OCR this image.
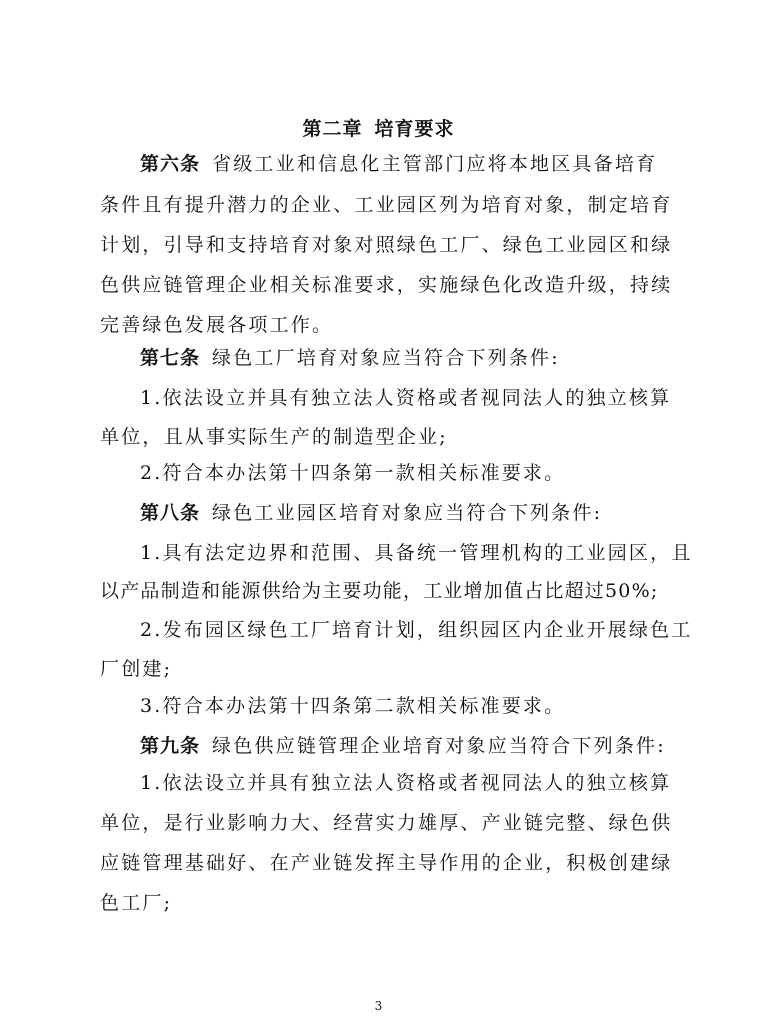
第二章 培育要求
第六条 省级工业和信息化主管部门应将本地区具备培育
条件且有提升潜力的企业、工业园区列为培育对象，制定培育
计划，引导和支持培育对象对照绿色工厂、绿色工业园区和绿
色供应链管理企业相关标准要求，实施绿色化改造升级，持续
完善绿色发展各项工作。
第七条 绿色工厂培育对象应当符合下列条件:
1.依法设立并具有独立法人资格或者视同法人的独立核算
单位，且从事实际生产的制造型企业;
2.符合本办法第十四条第一款相关标准要求。
第八条 绿色工业园区培育对象应当符合下列条件:
1.具有法定边界和范围、具备统一管理机构的工业园区，且
以产品制造和能源供给为主要功能，工业增加值占比超过50%;
2.发布园区绿色工厂培育计划，组织园区内企业开展绿色工
厂创建;
3.符合本办法第十四条第二款相关标准要求。
第九条 绿色供应链管理企业培育对象应当符合下列条件:
1.依法设立并具有独立法人资格或者视同法人的独立核算
单位，是行业影响力大、经营实力雄厚、产业链完整、绿色供
应链管理基础好、在产业链发挥主导作用的企业，积极创建绿
色工厂;
3
